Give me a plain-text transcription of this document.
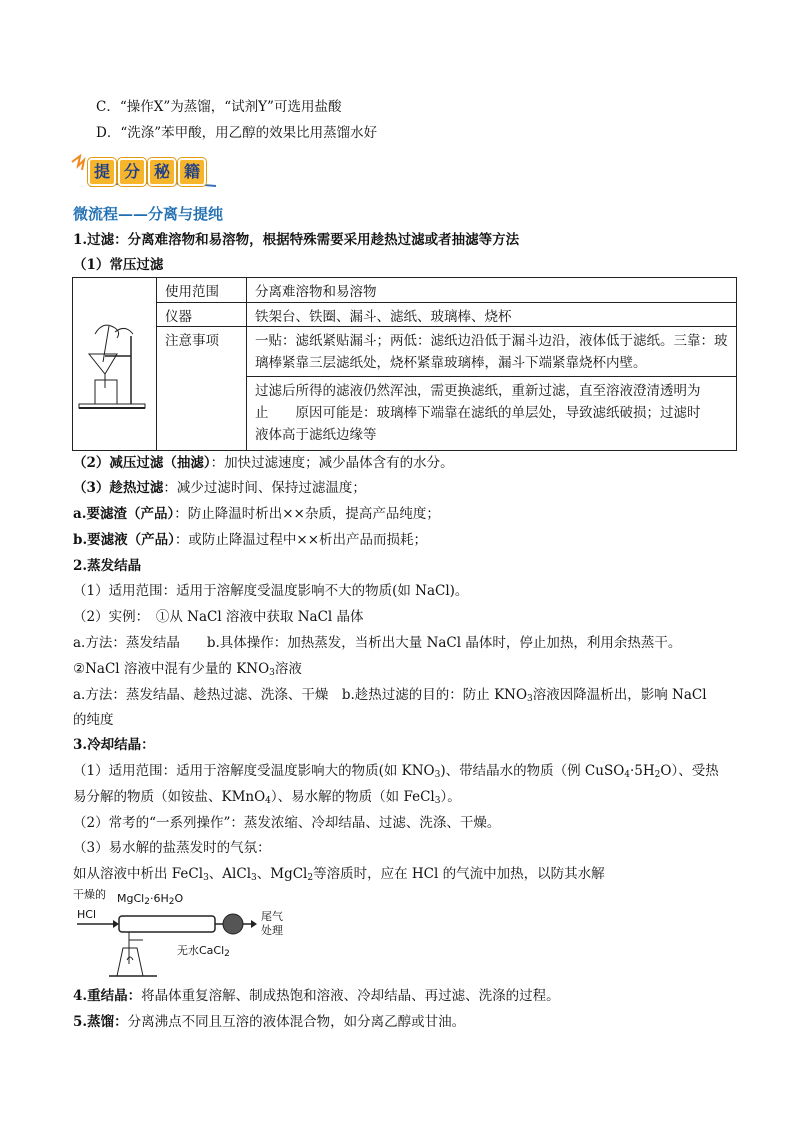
C．“操作X”为蒸馏，“试剂Y”可选用盐酸
D．“洗涤”苯甲酸，用乙醇的效果比用蒸馏水好
提 分 秘 籍
微流程——分离与提纯
1.过滤：分离难溶物和易溶物，根据特殊需要采用趁热过滤或者抽滤等方法
（1）常压过滤
使用范围	分离难溶物和易溶物
仪器	铁架台、铁圈、漏斗、滤纸、玻璃棒、烧杯
注意事项	一贴：滤纸紧贴漏斗；两低：滤纸边沿低于漏斗边沿，液体低于滤纸。三靠：玻璃棒紧靠三层滤纸处，烧杯紧靠玻璃棒，漏斗下端紧靠烧杯内壁。
过滤后所得的滤液仍然浑浊，需更换滤纸，重新过滤，直至溶液澄清透明为
止　　原因可能是：玻璃棒下端靠在滤纸的单层处，导致滤纸破损；过滤时
液体高于滤纸边缘等
（2）减压过滤（抽滤）：加快过滤速度；减少晶体含有的水分。
（3）趁热过滤：减少过滤时间、保持过滤温度；
a.要滤渣（产品）：防止降温时析出××杂质，提高产品纯度；
b.要滤液（产品）：或防止降温过程中××析出产品而损耗；
2.蒸发结晶
（1）适用范围：适用于溶解度受温度影响不大的物质(如 NaCl)。
（2）实例：　①从 NaCl 溶液中获取 NaCl 晶体
a.方法：蒸发结晶　　b.具体操作：加热蒸发，当析出大量 NaCl 晶体时，停止加热，利用余热蒸干。
②NaCl 溶液中混有少量的 $KNO_3$溶液
a.方法：蒸发结晶、趁热过滤、洗涤、干燥　b.趁热过滤的目的：防止 $KNO_3$溶液因降温析出，影响 NaCl
的纯度
3.冷却结晶：
（1）适用范围：适用于溶解度受温度影响大的物质(如 $KNO_3$)、带结晶水的物质（例 $CuSO_4\cdot 5H_2O$）、受热
易分解的物质（如铵盐、KMnO$_4$）、易水解的物质（如 FeCl$_3$）。
（2）常考的“一系列操作”：蒸发浓缩、冷却结晶、过滤、洗涤、干燥。
（3）易水解的盐蒸发时的气氛：
如从溶液中析出 FeCl$_3$、AlCl$_3$、MgCl$_2$等溶质时，应在 HCl 的气流中加热，以防其水解
干燥的
HCl
$MgCl_2\cdot 6H_2O$
尾气
处理
无水CaCl$_2$
4.重结晶：将晶体重复溶解、制成热饱和溶液、冷却结晶、再过滤、洗涤的过程。
5.蒸馏：分离沸点不同且互溶的液体混合物，如分离乙醇或甘油。
